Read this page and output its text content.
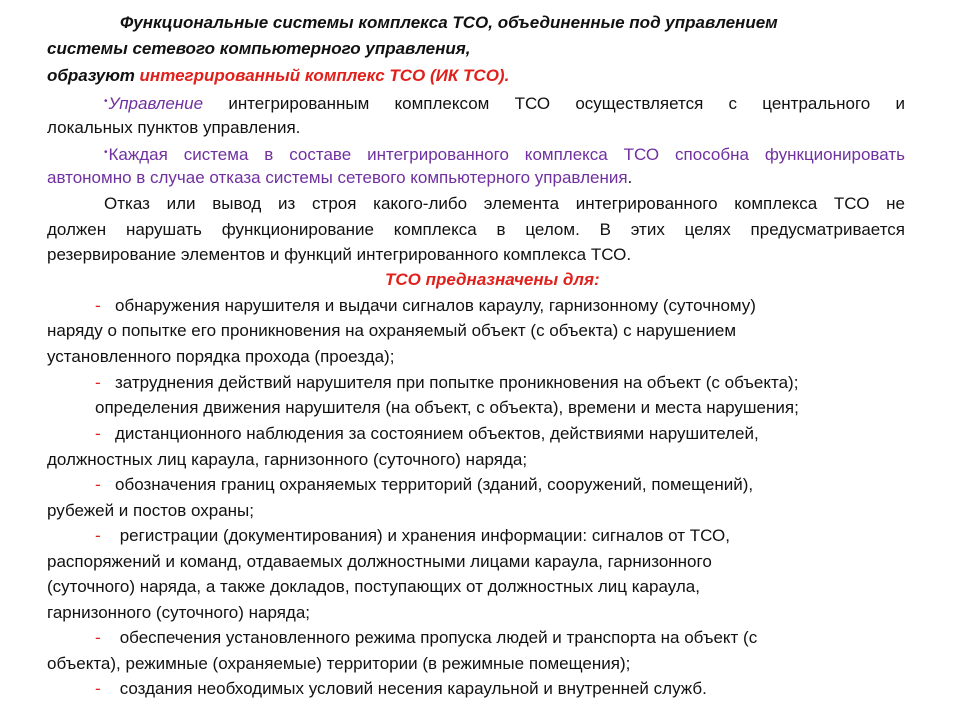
Функциональные системы комплекса ТСО, объединенные под управлением
системы сетевого компьютерного управления,
образуют интегрированный комплекс ТСО (ИК ТСО).
•Управление интегрированным комплексом ТСО осуществляется с центрального и
локальных пунктов управления.
•Каждая система в составе интегрированного комплекса ТСО способна функционировать
автономно в случае отказа системы сетевого компьютерного управления.
Отказ или вывод из строя какого-либо элемента интегрированного комплекса ТСО не
должен нарушать функционирование комплекса в целом. В этих целях предусматривается
резервирование элементов и функций интегрированного комплекса ТСО.
ТСО предназначены для:
- обнаружения нарушителя и выдачи сигналов караулу, гарнизонному (суточному)
наряду о попытке его проникновения на охраняемый объект (с объекта) с нарушением
установленного порядка прохода (проезда);
- затруднения действий нарушителя при попытке проникновения на объект (с объекта);
определения движения нарушителя (на объект, с объекта), времени и места нарушения;
- дистанционного наблюдения за состоянием объектов, действиями нарушителей,
должностных лиц караула, гарнизонного (суточного) наряда;
- обозначения границ охраняемых территорий (зданий, сооружений, помещений),
рубежей и постов охраны;
- регистрации (документирования) и хранения информации: сигналов от ТСО,
распоряжений и команд, отдаваемых должностными лицами караула, гарнизонного
(суточного) наряда, а также докладов, поступающих от должностных лиц караула,
гарнизонного (суточного) наряда;
- обеспечения установленного режима пропуска людей и транспорта на объект (с
объекта), режимные (охраняемые) территории (в режимные помещения);
- создания необходимых условий несения караульной и внутренней служб.
